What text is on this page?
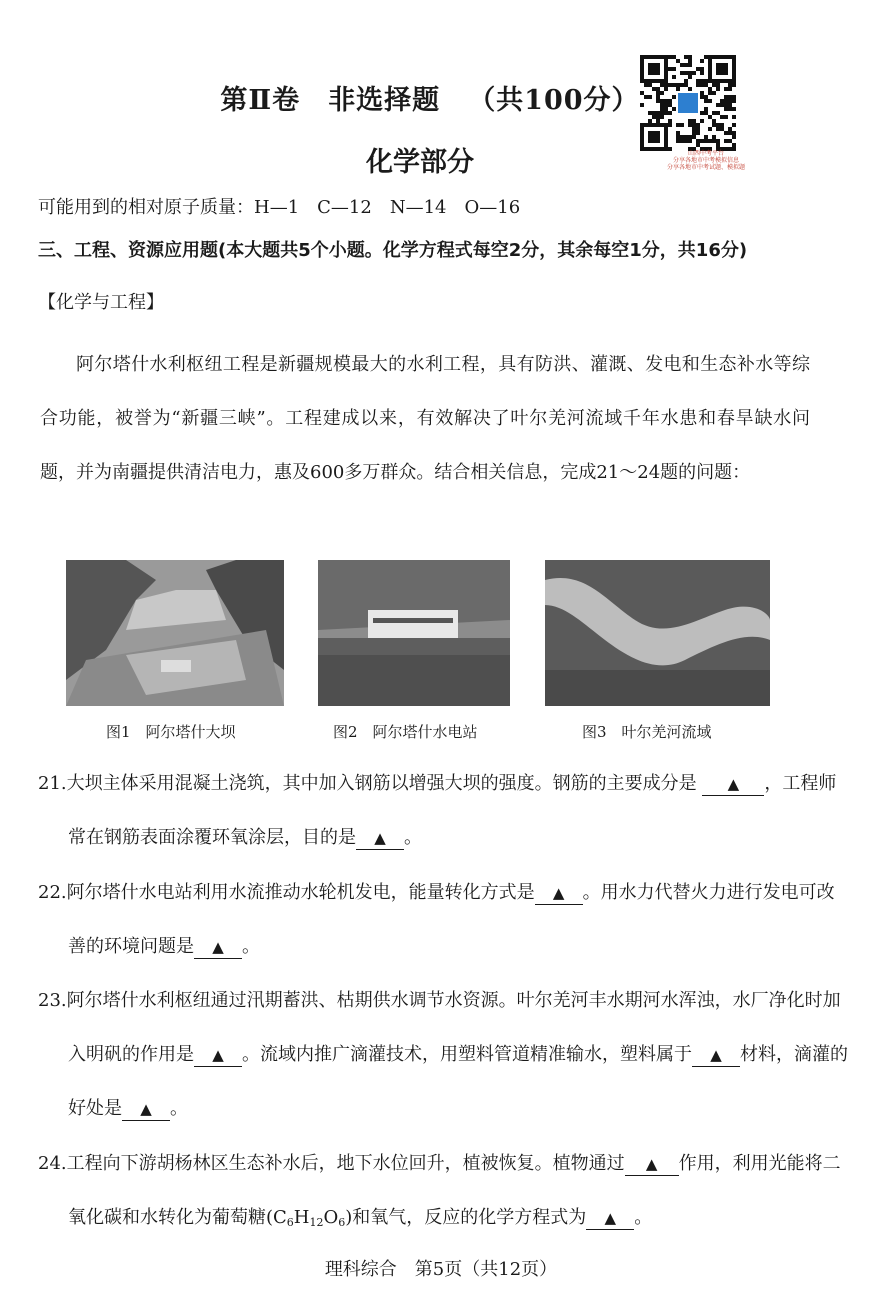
第Ⅱ卷  非选择题  （共100分）
山西中考平台
分享各地市中考模拟信息
分享各地市中考试题、模拟题
化学部分
可能用到的相对原子质量：H—1　C—12　N—14　O—16
三、工程、资源应用题(本大题共5个小题。化学方程式每空2分，其余每空1分，共16分)
【化学与工程】
阿尔塔什水利枢纽工程是新疆规模最大的水利工程，具有防洪、灌溉、发电和生态补水等综合功能，被誉为“新疆三峡”。工程建成以来，有效解决了叶尔羌河流域千年水患和春旱缺水问题，并为南疆提供清洁电力，惠及600多万群众。结合相关信息，完成21～24题的问题：
图1　阿尔塔什大坝	图2　阿尔塔什水电站	图3　叶尔羌河流域
21.大坝主体采用混凝土浇筑，其中加入钢筋以增强大坝的强度。钢筋的主要成分是 ▲ ，工程师常在钢筋表面涂覆环氧涂层，目的是 ▲ 。
22.阿尔塔什水电站利用水流推动水轮机发电，能量转化方式是 ▲ 。用水力代替火力进行发电可改善的环境问题是 ▲ 。
23.阿尔塔什水利枢纽通过汛期蓄洪、枯期供水调节水资源。叶尔羌河丰水期河水浑浊，水厂净化时加入明矾的作用是 ▲ 。流域内推广滴灌技术，用塑料管道精准输水，塑料属于 ▲ 材料，滴灌的好处是 ▲ 。
24.工程向下游胡杨林区生态补水后，地下水位回升，植被恢复。植物通过 ▲ 作用，利用光能将二氧化碳和水转化为葡萄糖$(C_6H_{12}O_6)$和氧气，反应的化学方程式为 ▲ 。
理科综合　第5页（共12页）
